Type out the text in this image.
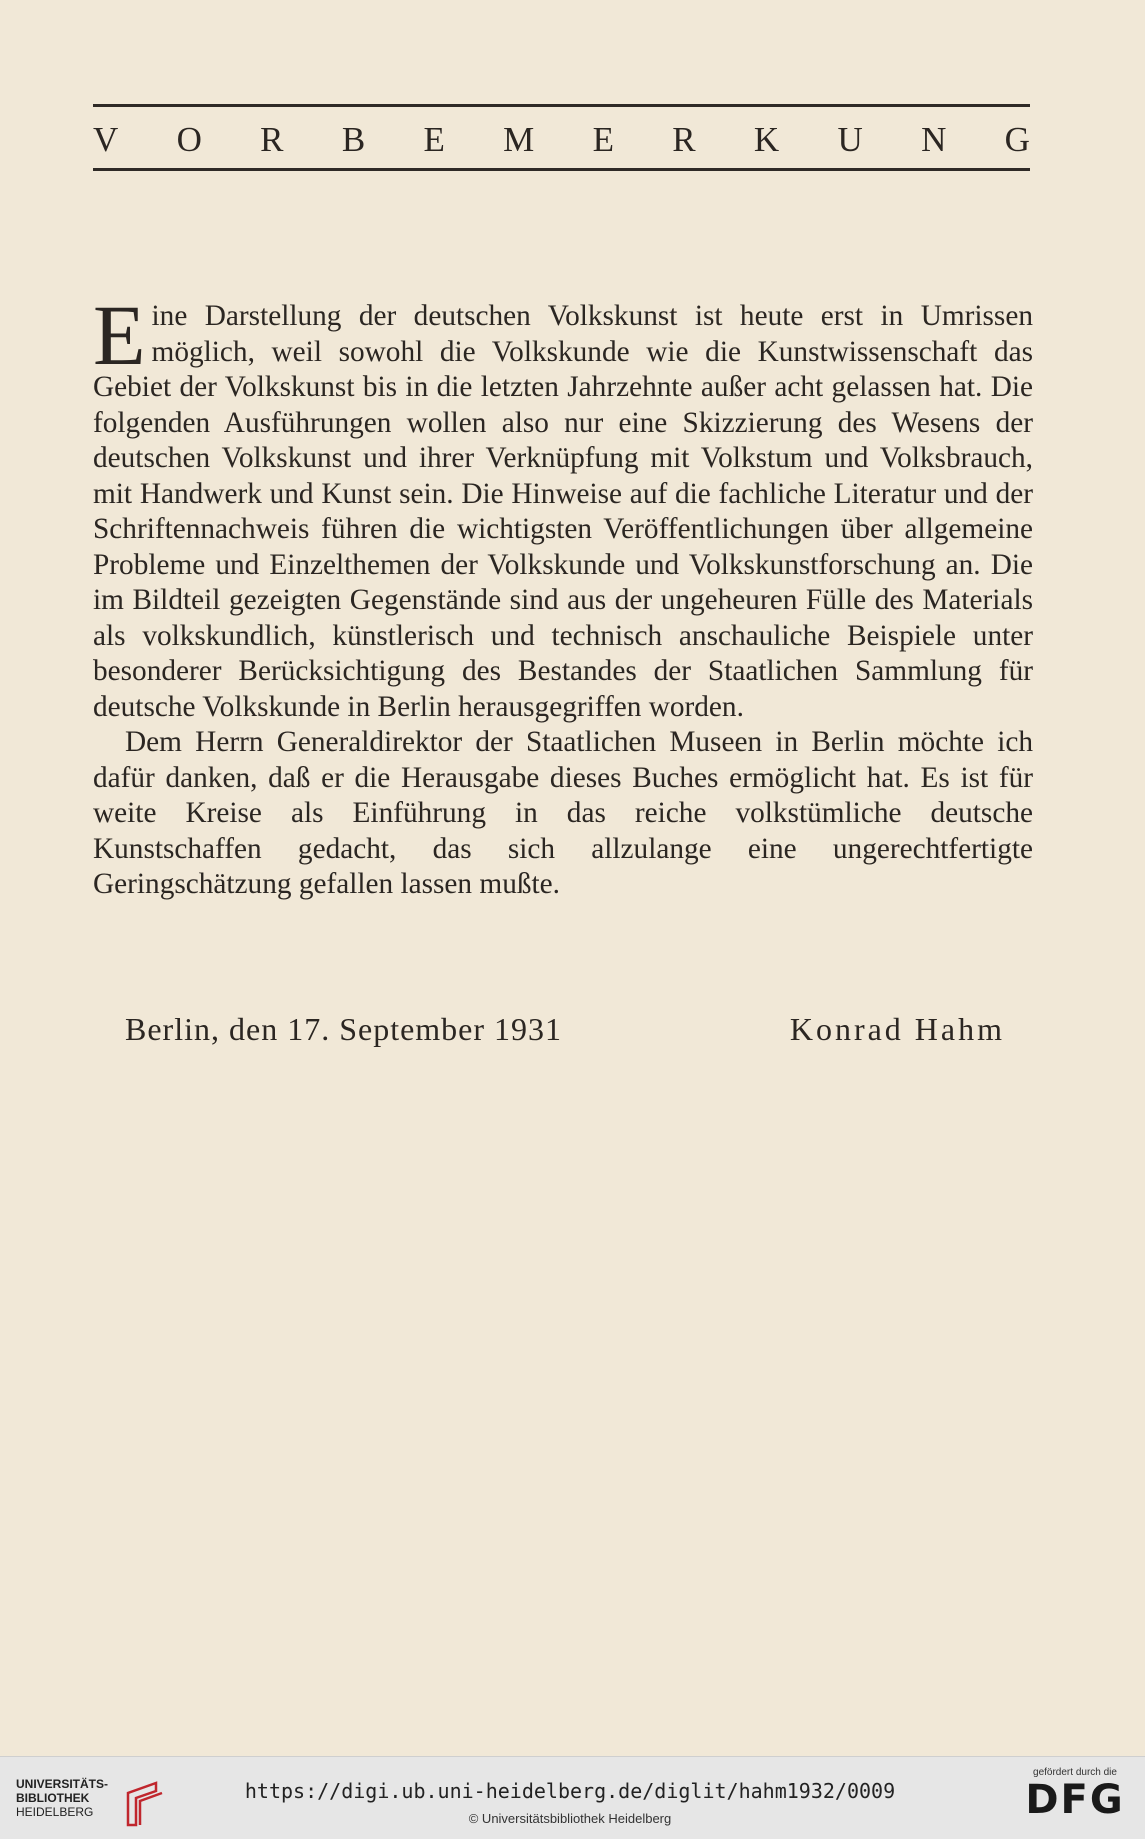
V O R B E M E R K U N G

Eine Darstellung der deutschen Volkskunst ist heute erst in Umrissen möglich, weil sowohl die Volkskunde wie die Kunstwissenschaft das Gebiet der Volkskunst bis in die letzten Jahrzehnte außer acht gelassen hat. Die folgenden Ausführungen wollen also nur eine Skizzierung des Wesens der deutschen Volkskunst und ihrer Verknüpfung mit Volkstum und Volksbrauch, mit Handwerk und Kunst sein. Die Hinweise auf die fachliche Literatur und der Schriftennachweis führen die wichtigsten Veröffentlichungen über allgemeine Probleme und Einzelthemen der Volkskunde und Volkskunstforschung an. Die im Bildteil gezeigten Gegenstände sind aus der ungeheuren Fülle des Materials als volkskundlich, künstlerisch und technisch anschauliche Beispiele unter besonderer Berücksichtigung des Bestandes der Staatlichen Sammlung für deutsche Volkskunde in Berlin herausgegriffen worden.

Dem Herrn Generaldirektor der Staatlichen Museen in Berlin möchte ich dafür danken, daß er die Herausgabe dieses Buches ermöglicht hat. Es ist für weite Kreise als Einführung in das reiche volkstümliche deutsche Kunstschaffen gedacht, das sich allzulange eine ungerechtfertigte Geringschätzung gefallen lassen mußte.

Berlin, den 17. September 1931	Konrad Hahm
UNIVERSITÄTS-
BIBLIOTHEK
HEIDELBERG
https://digi.ub.uni-heidelberg.de/diglit/hahm1932/0009
© Universitätsbibliothek Heidelberg
gefördert durch die
DFG
